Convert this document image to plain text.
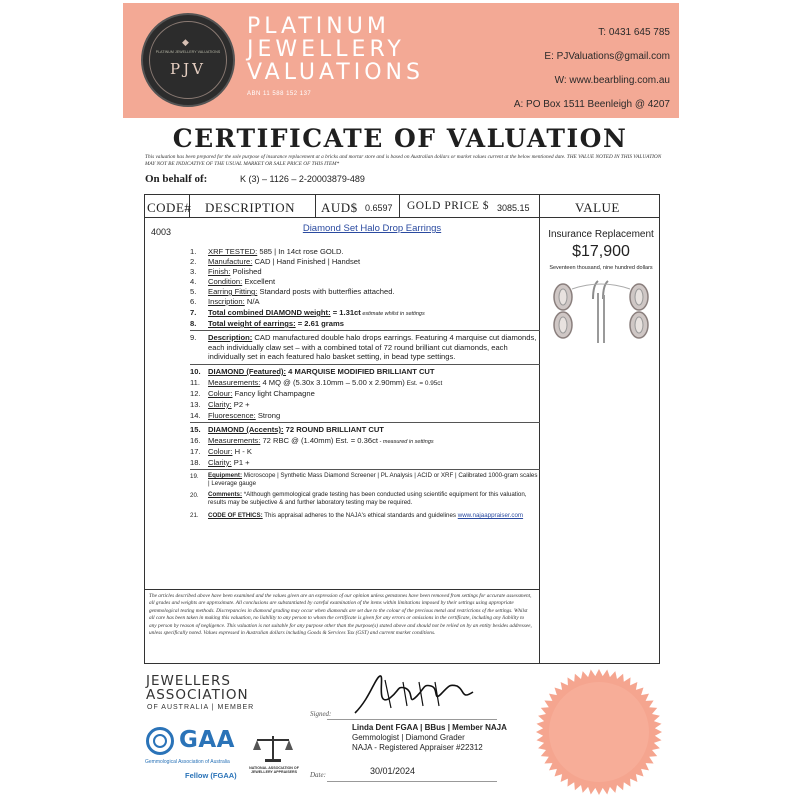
◆
PLATINUM JEWELLERY VALUATIONS
PJV
PLATINUM
JEWELLERY
VALUATIONS
ABN 11 588 152 137
T: 0431 645 785
E: PJValuations@gmail.com
W: www.bearbling.com.au
A: PO Box 1511 Beenleigh @ 4207
CERTIFICATE OF VALUATION
This valuation has been prepared for the sole purpose of insurance replacement at a bricks and mortar store and is based on Australian dollars or market values current at the below mentioned date. THE VALUE NOTED IN THIS VALUATION MAY NOT BE INDICATIVE OF THE USUAL MARKET OR SALE PRICE OF THIS ITEM*
On behalf of:	K (3) – 1126 – 2-20003879-489
CODE# DESCRIPTION AUD$ 0.6597 GOLD PRICE $ 3085.15	VALUE
4003	Diamond Set Halo Drop Earrings
1.	XRF TESTED: 585 | In 14ct rose GOLD.
2.	Manufacture: CAD | Hand Finished | Handset
3.	Finish: Polished
4.	Condition: Excellent
5.	Earring Fitting: Standard posts with butterflies attached.
6.	Inscription: N/A
7.	Total combined DIAMOND weight: = 1.31ct estimate whilst in settings
8.	Total weight of earrings: = 2.61 grams
9.	Description: CAD manufactured double halo drops earrings. Featuring 4 marquise cut diamonds, each individually claw set – with a combined total of 72 round brilliant cut diamonds, each individually set in each featured halo basket setting, in bead type settings.
10. DIAMOND (Featured): 4 MARQUISE MODIFIED BRILLIANT CUT
11.	Measurements: 4 MQ @ (5.30x 3.10mm – 5.00 x 2.90mm) Est. = 0.95ct
12. Colour: Fancy light Champagne
13. Clarity: P2 +
14. Fluorescence: Strong
15. DIAMOND (Accents): 72 ROUND BRILLIANT CUT
16. Measurements: 72 RBC @ (1.40mm) Est. = 0.36ct - measured in settings
17. Colour: H - K
18. Clarity: P1 +
19.	Equipment: Microscope | Synthetic Mass Diamond Screener | PL Analysis | ACID or XRF | Calibrated 1000-gram scales | Leverage gauge
20.	Comments: *Although gemmological grade testing has been conducted using scientific equipment for this valuation, results may be subjective & and further laboratory testing may be required.
21.	CODE OF ETHICS: This appraisal adheres to the NAJA's ethical standards and guidelines www.najaappraiser.com
Insurance Replacement
$17,900
Seventeen thousand, nine hundred dollars
The articles described above have been examined and the values given are an expression of our opinion unless gemstones have been removed from settings for accurate assessment, all grades and weights are approximate. All conclusions are substantiated by careful examination of the items within limitations imposed by their settings using appropriate gemmological testing methods. Discrepancies in diamond grading may occur when diamonds are set due to the colour of the precious metal and restrictions of the settings. Whilst all care has been taken in making this valuation, no liability to any person to whom the certificate is given for any errors or omissions in the certificate, including any liability to any person by reason of negligence. This valuation is not suitable for any purpose other than the purpose(s) stated above and should not be relied on by an entity besides addressee, unless specifically noted. Values expressed in Australian dollars including Goods & Services Tax (GST) and current market conditions.
JEWELLERS
ASSOCIATION
OF AUSTRALIA | MEMBER
GAA
Gemmological Association of Australia
Fellow (FGAA)
NATIONAL ASSOCIATION OF JEWELLERY APPRAISERS
Signed:
Linda Dent FGAA | BBus | Member NAJA
Gemmologist | Diamond Grader
NAJA - Registered Appraiser #22312
Date:	30/01/2024
